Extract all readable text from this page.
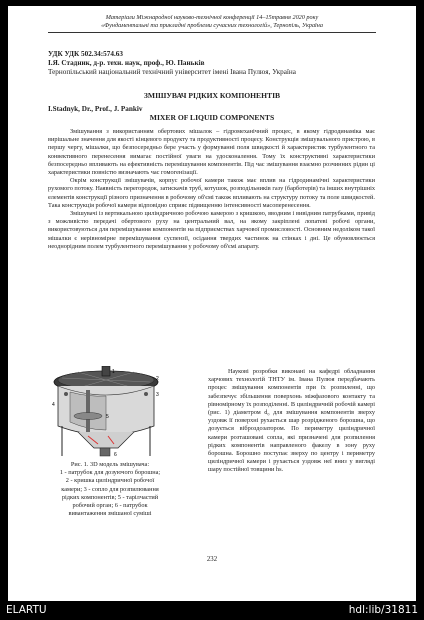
Матеріали Міжнародної науково-технічної конференції 14–15травня 2020 року
«Фундаментальні та прикладні проблеми сучасних технологій», Тернопіль, Україна
УДК УДК 502.34:574.63
І.Я. Стадник, д-р. техн. наук, проф., Ю. Паньків
Тернопільський національний технічний університет імені Івана Пулюя, Україна
ЗМІШУВАЧ РІДКИХ КОМПОНЕНТІВ
I.Stadnyk, Dr., Prof., J. Pankiv
MIXER OF LIQUID COMPONENTS

Змішування з використанням обертових мішалок – гідромеханічний процес, в якому гідродинаміка має вирішальне значення для якості кінцевого продукту та продуктивності процесу. Конструкція змішувального пристрою, в першу чергу, мішалки, що безпосередньо бере участь у формуванні поля швидкості й характеристик турбулентного та конвективного перенесення вимагає постійної уваги на удосконалення. Тому їх конструктивні характеристики безпосередньо впливають на ефективність перемішування компонентів. Під час змішування взаємно розчинних рідин ці характеристики повністю визначають час гомогенізації.

Окрім конструкції змішувачів, корпус робочої камери також має вплив на гідродинамічні характеристики рухомого потоку. Наявність перегородок, затискачів труб, котушок, розподільників газу (барботерів) та інших внутрішніх елементів конструкції різного призначення в робочому об'ємі також впливають на структуру потоку та поле швидкостей. Така конструкція робочої камери відповідно сприяє підвищенню інтенсивності масоперенесення.

Змішувачі із вертикальною циліндричною робочою камерою з кришкою, вводним і вивідним патрубками, привід з можливістю передачі обертового руху на центральний вал, на якому закріплені лопатеві робочі органи, використовуються для перемішування компонентів на підприємствах харчової промисловості. Основним недоліком такої мішалки є нерівномірне перемішування суспензії, осідання твердих частинок на стінках і дні. Це обумовлюється неоднорідним полем турбулентного перемішування у робочому об'ємі апарату.

1
2
3
4
5
6
Рис. 1. 3D модель змішувача:
1 - патрубок для дозуючого борошна;
2 - кришка циліндричної робочої
камери; 3 - сопло для розпилювання
рідких компонентів; 5 - тарілчастий
робочий орган; 6 - патрубок
вивантаження змішаної суміші

Наукові розробки виконані на кафедрі обладнання харчових технологій ТНТУ ім. Івана Пулюя передбачають процес змішування компонентів при їх розпиленні, що забезпечує збільшення поверхонь міжфазового контакту та рівномірному їх розподіленні. В циліндричній робочій камері (рис. 1) діаметром d₀ для змішування компонентів зверху уздовж її поверхні рухається шар розрідженого борошна, що дозується віброздозатором. По периметру циліндричної камери розташовані сопла, які призначені для розпилення рідких компонентів направленого факелу в зону руху борошна. Борошно поступає зверху по центру і периметру циліндричної камери і рухається уздовж неї вниз у вигляді шару постійної товщини hs.

232
ELARTU	hdl:lib/31811
